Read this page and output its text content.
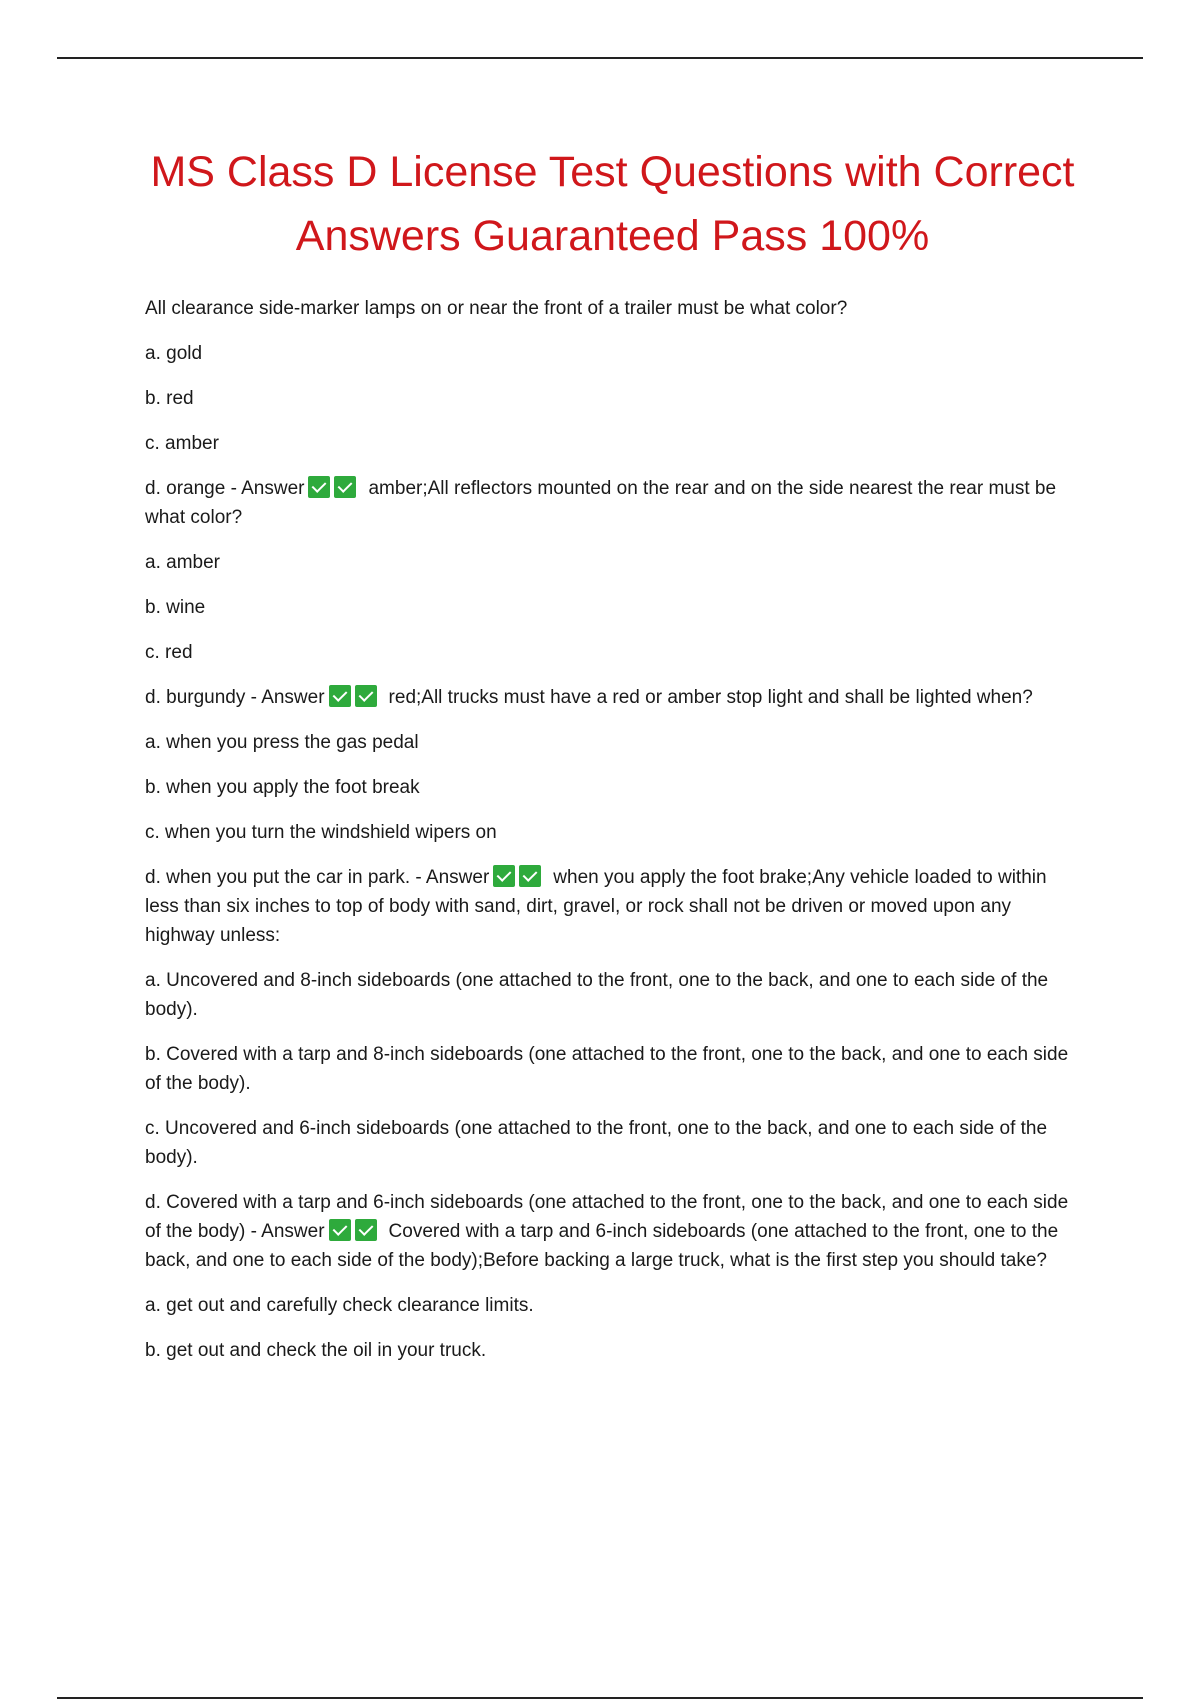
MS Class D License Test Questions with Correct
Answers Guaranteed Pass 100%

All clearance side-marker lamps on or near the front of a trailer must be what color?

a. gold

b. red

c. amber

d. orange - Answer	amber;All reflectors mounted on the rear and on the side nearest the rear must be what color?

a. amber

b. wine

c. red

d. burgundy - Answer	red;All trucks must have a red or amber stop light and shall be lighted when?

a. when you press the gas pedal

b. when you apply the foot break

c. when you turn the windshield wipers on

d. when you put the car in park. - Answer	when you apply the foot brake;Any vehicle loaded to within less than six inches to top of body with sand, dirt, gravel, or rock shall not be driven or moved upon any highway unless:

a. Uncovered and 8-inch sideboards (one attached to the front, one to the back, and one to each side of the body).

b. Covered with a tarp and 8-inch sideboards (one attached to the front, one to the back, and one to each side of the body).

c. Uncovered and 6-inch sideboards (one attached to the front, one to the back, and one to each side of the body).

d. Covered with a tarp and 6-inch sideboards (one attached to the front, one to the back, and one to each side of the body) - Answer	Covered with a tarp and 6-inch sideboards (one attached to the front, one to the back, and one to each side of the body);Before backing a large truck, what is the first step you should take?

a. get out and carefully check clearance limits.

b. get out and check the oil in your truck.
